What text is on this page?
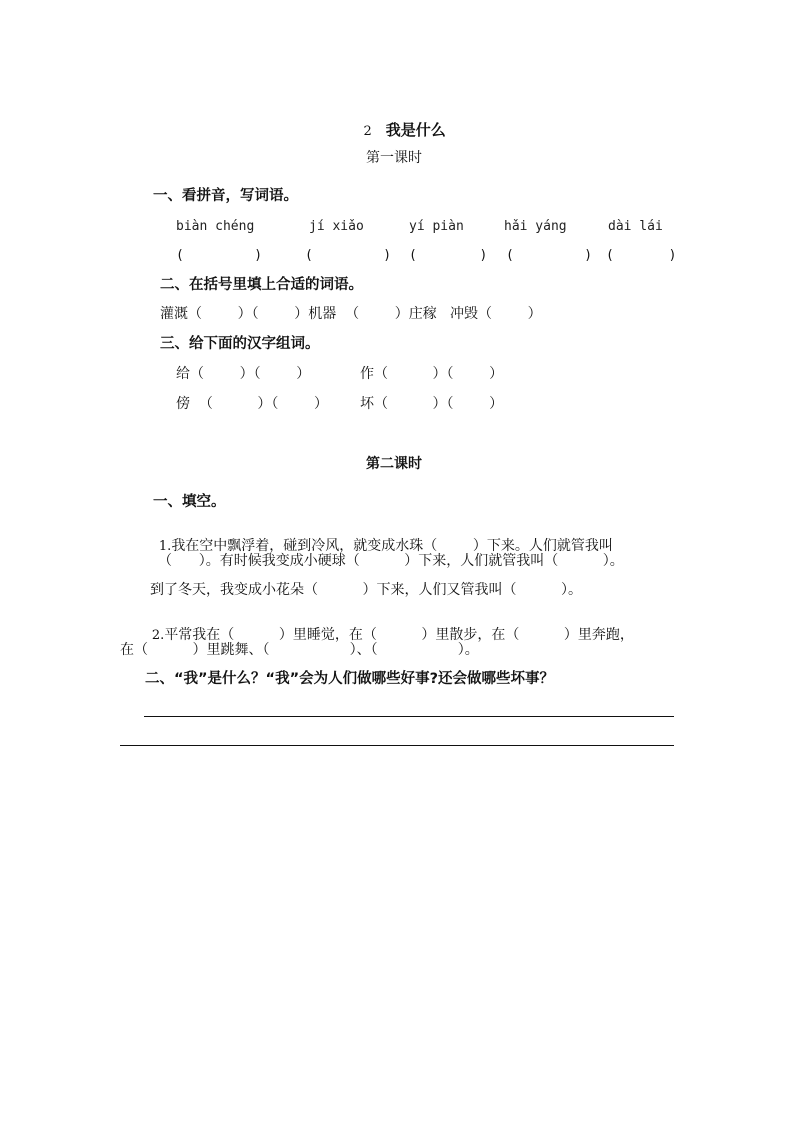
2 我是什么

第一课时
一、看拼音，写词语。
biàn chéng	jí xiǎo	yí piàn	hǎi yáng	dài lái
(         )	(         ) (        ) (         ) (       )
二、在括号里填上合适的词语。
灌溉（        ）（        ）机器  （        ）庄稼   冲毁（        ）
三、给下面的汉字组词。
给（        ）（        ）	作（          ）（        ）
傍  （          ）（        ） 坏（          ）（        ）
第二课时
一、填空。

1.我在空中飘浮着，碰到冷风，就变成水珠（        ）下来。人们就管我叫

（      ）。有时候我变成小硬球（          ）下来，人们就管我叫（          ）。
到了冬天，我变成小花朵（          ）下来，人们又管我叫（          ）。

2.平常我在（          ）里睡觉，在（          ）里散步，在（          ）里奔跑，

在（          ）里跳舞、（                  ）、（                  ）。
二、“我”是什么？“我”会为人们做哪些好事?还会做哪些坏事？
